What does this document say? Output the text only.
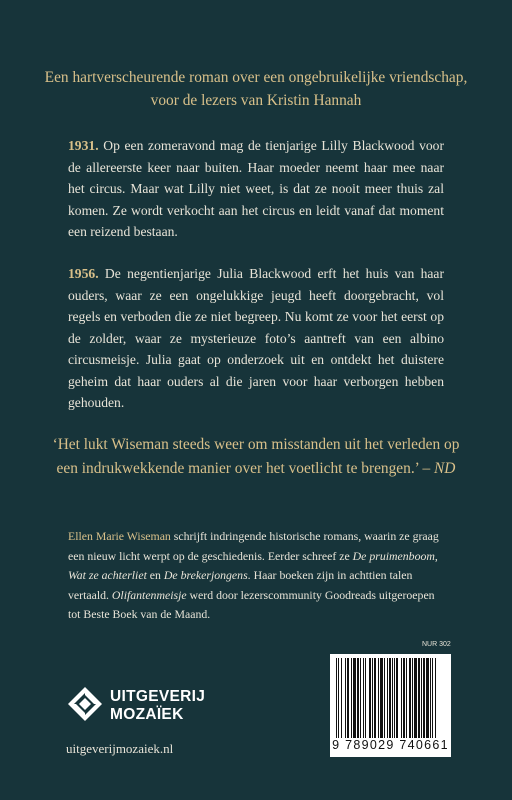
Een hartverscheurende roman over een ongebruikelijke vriendschap, voor de lezers van Kristin Hannah
1931. Op een zomeravond mag de tienjarige Lilly Blackwood voor de allereerste keer naar buiten. Haar moeder neemt haar mee naar het circus. Maar wat Lilly niet weet, is dat ze nooit meer thuis zal komen. Ze wordt verkocht aan het circus en leidt vanaf dat moment een reizend bestaan.
1956. De negentienjarige Julia Blackwood erft het huis van haar ouders, waar ze een ongelukkige jeugd heeft doorgebracht, vol regels en verboden die ze niet begreep. Nu komt ze voor het eerst op de zolder, waar ze mysterieuze foto’s aantreft van een albino circusmeisje. Julia gaat op onderzoek uit en ontdekt het duistere geheim dat haar ouders al die jaren voor haar verborgen hebben gehouden.
‘Het lukt Wiseman steeds weer om misstanden uit het verleden op een indrukwekkende manier over het voetlicht te brengen.’ – ND
Ellen Marie Wiseman schrijft indringende historische romans, waarin ze graag een nieuw licht werpt op de geschiedenis. Eerder schreef ze De pruimenboom, Wat ze achterliet en De brekerjongens. Haar boeken zijn in achttien talen vertaald. Olifantenmeisje werd door lezerscommunity Goodreads uitgeroepen tot Beste Boek van de Maand.
UITGEVERIJ
MOZAÏEK
uitgeverijmozaiek.nl
NUR 302
9 789029 740661
